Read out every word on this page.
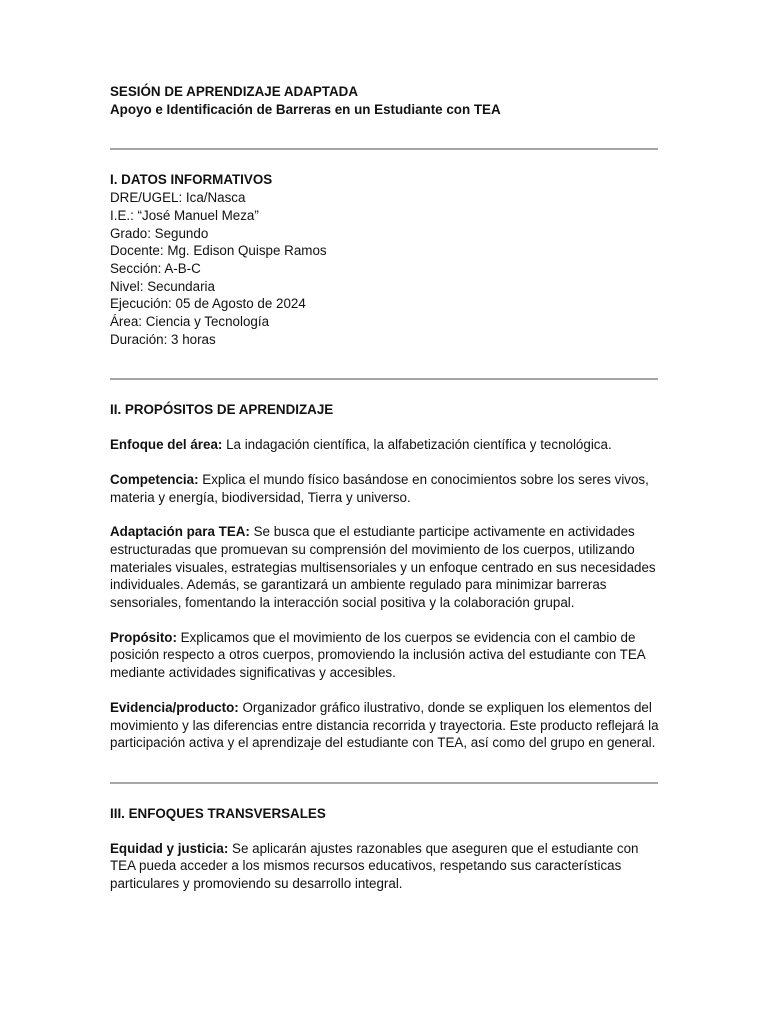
SESIÓN DE APRENDIZAJE ADAPTADA

Apoyo e Identificación de Barreras en un Estudiante con TEA

I. DATOS INFORMATIVOS

DRE/UGEL: Ica/Nasca

I.E.: “José Manuel Meza”

Grado: Segundo

Docente: Mg. Edison Quispe Ramos

Sección: A-B-C

Nivel: Secundaria

Ejecución: 05 de Agosto de 2024

Área: Ciencia y Tecnología

Duración: 3 horas

II. PROPÓSITOS DE APRENDIZAJE

Enfoque del área: La indagación científica, la alfabetización científica y tecnológica.

Competencia: Explica el mundo físico basándose en conocimientos sobre los seres vivos, materia y energía, biodiversidad, Tierra y universo.

Adaptación para TEA: Se busca que el estudiante participe activamente en actividades estructuradas que promuevan su comprensión del movimiento de los cuerpos, utilizando materiales visuales, estrategias multisensoriales y un enfoque centrado en sus necesidades individuales. Además, se garantizará un ambiente regulado para minimizar barreras sensoriales, fomentando la interacción social positiva y la colaboración grupal.

Propósito: Explicamos que el movimiento de los cuerpos se evidencia con el cambio de posición respecto a otros cuerpos, promoviendo la inclusión activa del estudiante con TEA mediante actividades significativas y accesibles.

Evidencia/producto: Organizador gráfico ilustrativo, donde se expliquen los elementos del movimiento y las diferencias entre distancia recorrida y trayectoria. Este producto reflejará la participación activa y el aprendizaje del estudiante con TEA, así como del grupo en general.

III. ENFOQUES TRANSVERSALES

Equidad y justicia: Se aplicarán ajustes razonables que aseguren que el estudiante con TEA pueda acceder a los mismos recursos educativos, respetando sus características particulares y promoviendo su desarrollo integral.
